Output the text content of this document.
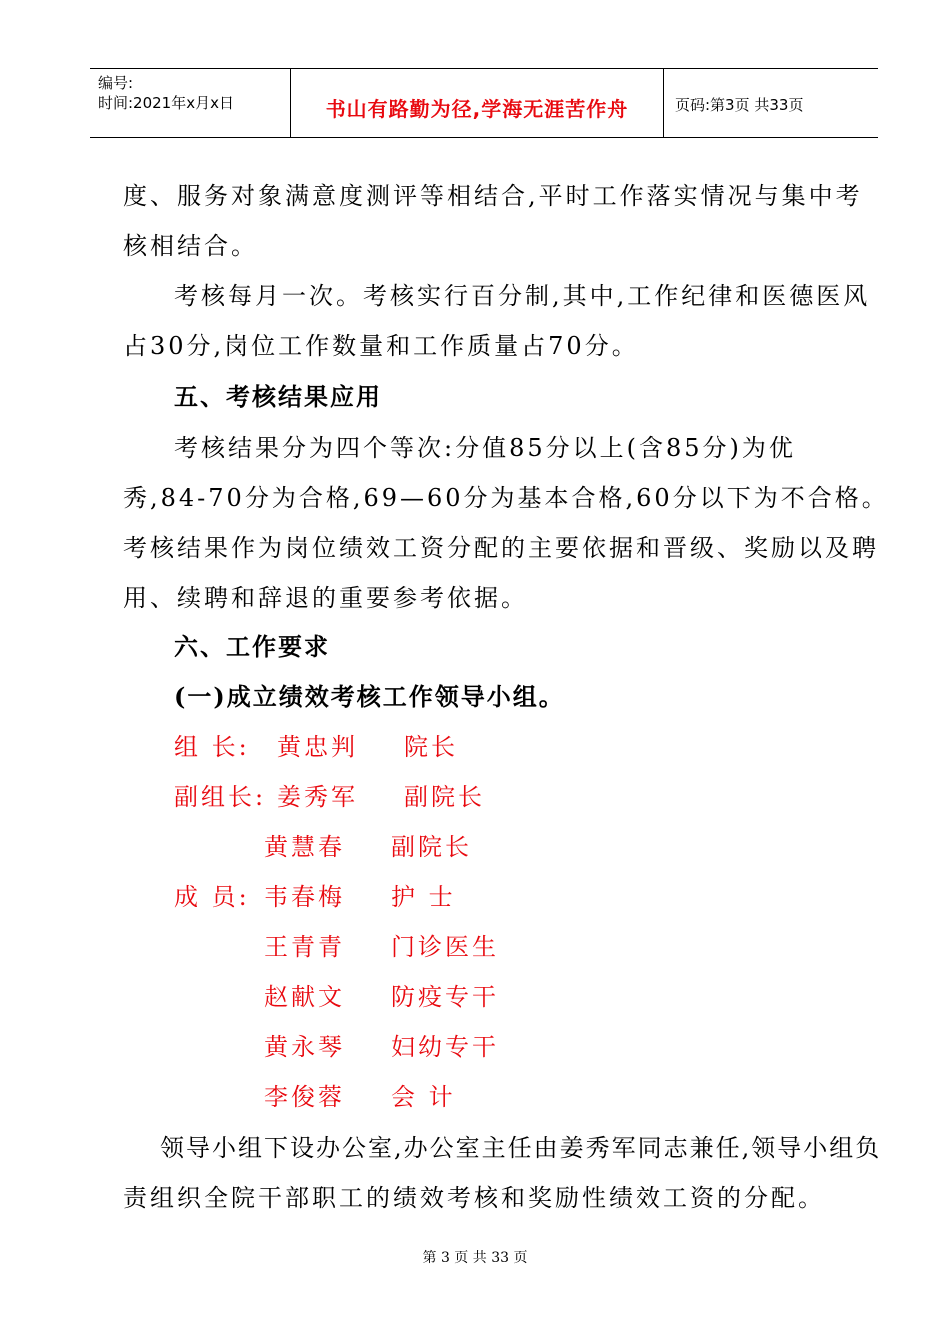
编号:
时间:2021年x月x日	书山有路勤为径,学海无涯苦作舟	页码:第3页 共33页
度、服务对象满意度测评等相结合,平时工作落实情况与集中考
核相结合。
考核每月一次。考核实行百分制,其中,工作纪律和医德医风
占30分,岗位工作数量和工作质量占70分。
五、考核结果应用
考核结果分为四个等次:分值85分以上(含85分)为优
秀,84-70分为合格,69—60分为基本合格,60分以下为不合格。
考核结果作为岗位绩效工资分配的主要依据和晋级、奖励以及聘
用、续聘和辞退的重要参考依据。
六、工作要求
(一)成立绩效考核工作领导小组。
组 长: 黄忠判 院长
副组长: 姜秀军 副院长
黄慧春 副院长
成 员: 韦春梅 护 士
王青青 门诊医生
赵献文 防疫专干
黄永琴 妇幼专干
李俊蓉 会 计
领导小组下设办公室,办公室主任由姜秀军同志兼任,领导小组负
责组织全院干部职工的绩效考核和奖励性绩效工资的分配。
第 3 页 共 33 页
